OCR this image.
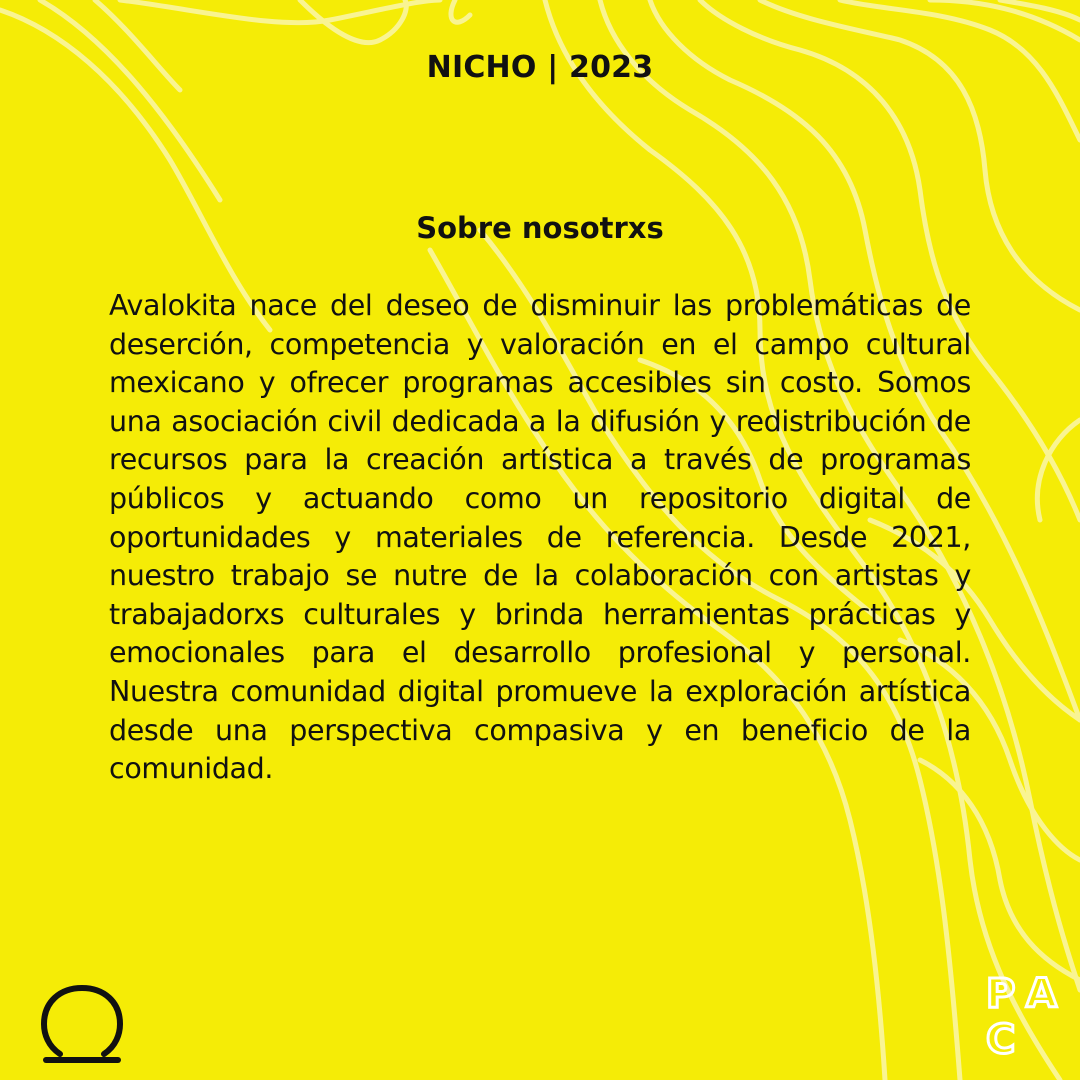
NICHO | 2023
Sobre nosotrxs

Avalokita nace del deseo de disminuir las problemáticas de deserción, competencia y valoración en el campo cultural mexicano y ofrecer programas accesibles sin costo. Somos una asociación civil dedicada a la difusión y redistribución de recursos para la creación artística a través de programas públicos y actuando como un repositorio digital de oportunidades y materiales de referencia. Desde 2021, nuestro trabajo se nutre de la colaboración con artistas y trabajadorxs culturales y brinda herramientas prácticas y emocionales para el desarrollo profesional y personal. Nuestra comunidad digital promueve la exploración artística desde una perspectiva compasiva y en beneficio de la comunidad.

P A
C
